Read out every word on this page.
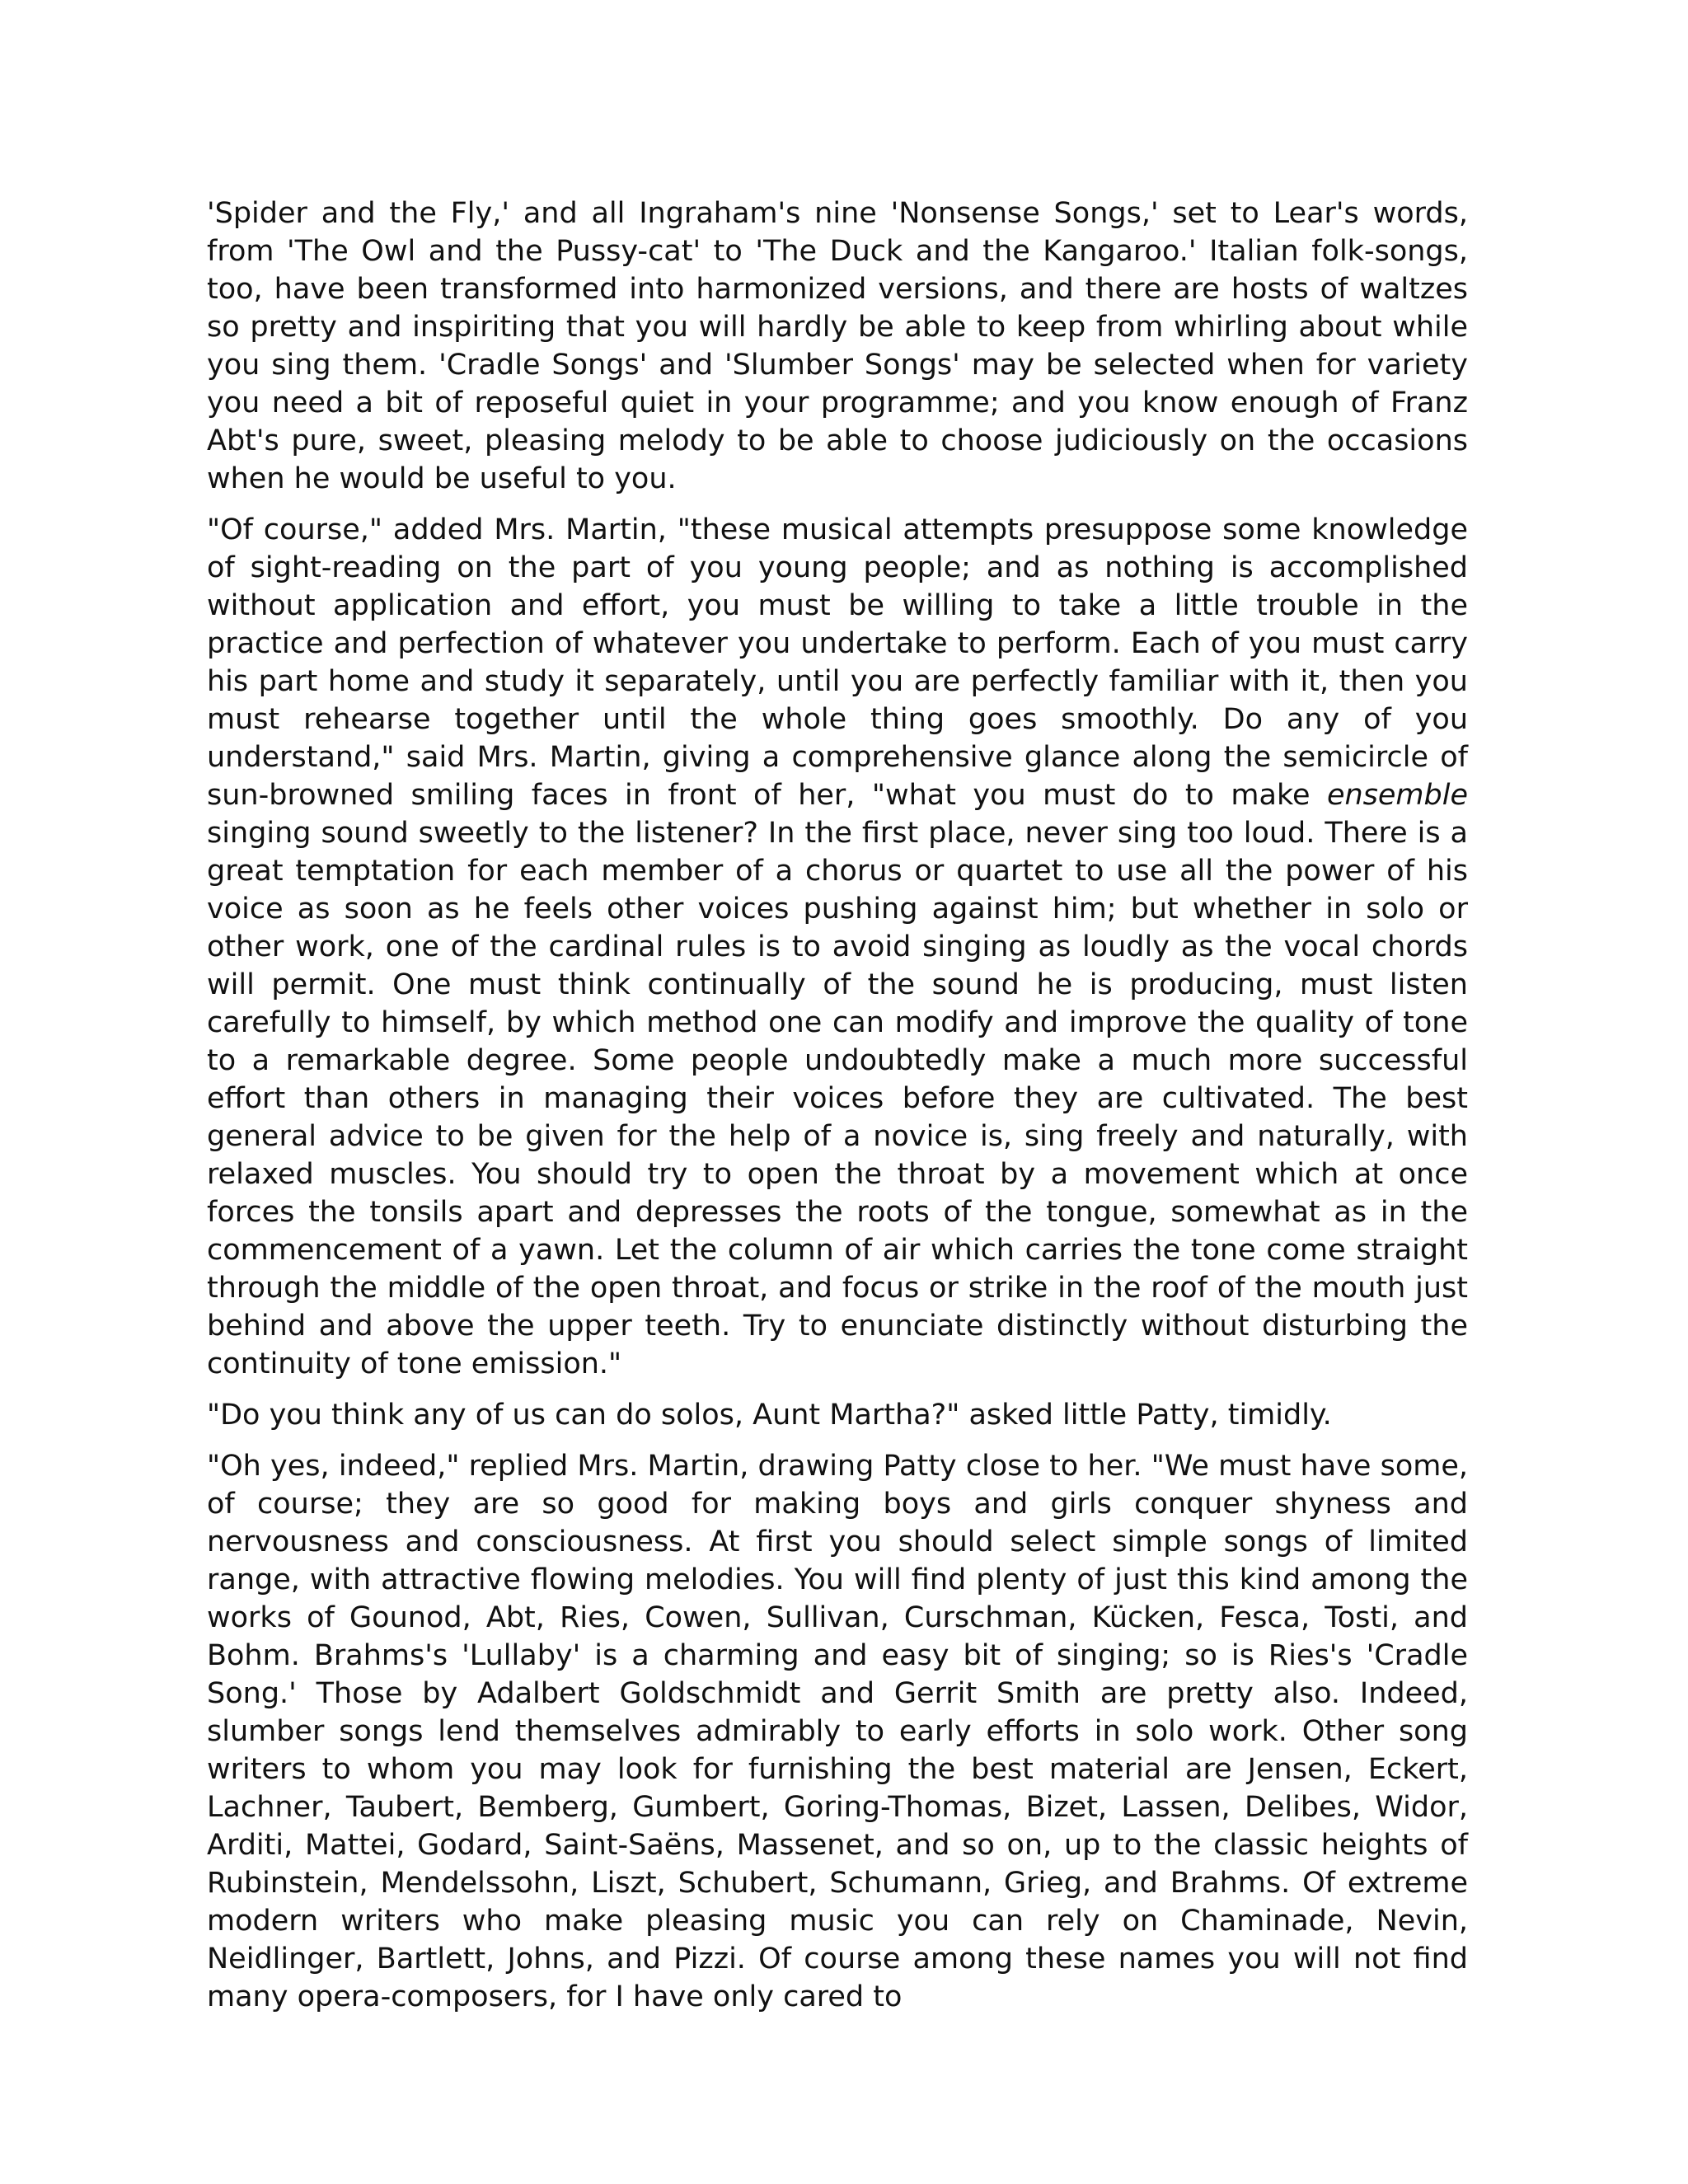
'Spider and the Fly,' and all Ingraham's nine 'Nonsense Songs,' set to Lear's words, from 'The Owl and the Pussy-cat' to 'The Duck and the Kangaroo.' Italian folk-songs, too, have been transformed into harmonized versions, and there are hosts of waltzes so pretty and inspiriting that you will hardly be able to keep from whirling about while you sing them. 'Cradle Songs' and 'Slumber Songs' may be selected when for variety you need a bit of reposeful quiet in your programme; and you know enough of Franz Abt's pure, sweet, pleasing melody to be able to choose judiciously on the occasions when he would be useful to you.

"Of course," added Mrs. Martin, "these musical attempts presuppose some knowledge of sight-reading on the part of you young people; and as nothing is accomplished without application and effort, you must be willing to take a little trouble in the practice and perfection of whatever you undertake to perform. Each of you must carry his part home and study it separately, until you are perfectly familiar with it, then you must rehearse together until the whole thing goes smoothly. Do any of you understand," said Mrs. Martin, giving a comprehensive glance along the semicircle of sun-browned smiling faces in front of her, "what you must do to make ensemble singing sound sweetly to the listener? In the first place, never sing too loud. There is a great temptation for each member of a chorus or quartet to use all the power of his voice as soon as he feels other voices pushing against him; but whether in solo or other work, one of the cardinal rules is to avoid singing as loudly as the vocal chords will permit. One must think continually of the sound he is producing, must listen carefully to himself, by which method one can modify and improve the quality of tone to a remarkable degree. Some people undoubtedly make a much more successful effort than others in managing their voices before they are cultivated. The best general advice to be given for the help of a novice is, sing freely and naturally, with relaxed muscles. You should try to open the throat by a movement which at once forces the tonsils apart and depresses the roots of the tongue, somewhat as in the commencement of a yawn. Let the column of air which carries the tone come straight through the middle of the open throat, and focus or strike in the roof of the mouth just behind and above the upper teeth. Try to enunciate distinctly without disturbing the continuity of tone emission."

"Do you think any of us can do solos, Aunt Martha?" asked little Patty, timidly.

"Oh yes, indeed," replied Mrs. Martin, drawing Patty close to her. "We must have some, of course; they are so good for making boys and girls conquer shyness and nervousness and consciousness. At first you should select simple songs of limited range, with attractive flowing melodies. You will find plenty of just this kind among the works of Gounod, Abt, Ries, Cowen, Sullivan, Curschman, Kücken, Fesca, Tosti, and Bohm. Brahms's 'Lullaby' is a charming and easy bit of singing; so is Ries's 'Cradle Song.' Those by Adalbert Goldschmidt and Gerrit Smith are pretty also. Indeed, slumber songs lend themselves admirably to early efforts in solo work. Other song writers to whom you may look for furnishing the best material are Jensen, Eckert, Lachner, Taubert, Bemberg, Gumbert, Goring-Thomas, Bizet, Lassen, Delibes, Widor, Arditi, Mattei, Godard, Saint-Saëns, Massenet, and so on, up to the classic heights of Rubinstein, Mendelssohn, Liszt, Schubert, Schumann, Grieg, and Brahms. Of extreme modern writers who make pleasing music you can rely on Chaminade, Nevin, Neidlinger, Bartlett, Johns, and Pizzi. Of course among these names you will not find many opera-composers, for I have only cared to
